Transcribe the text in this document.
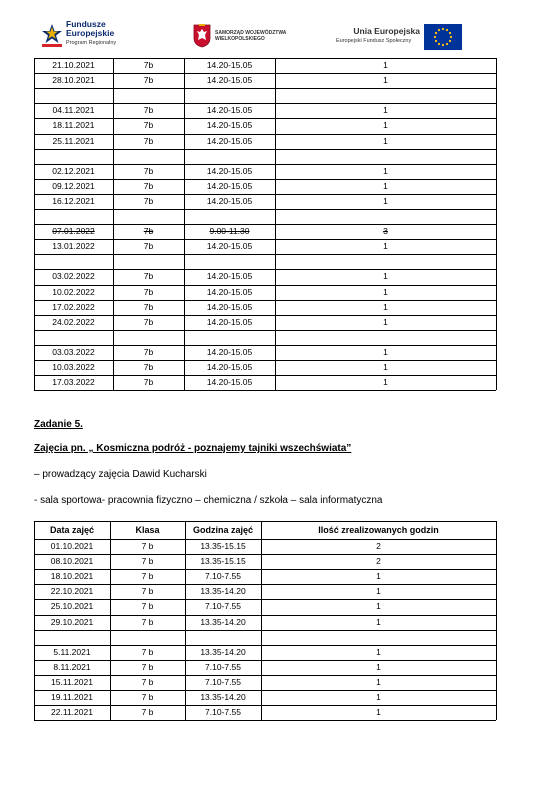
Fundusze
Europejskie
Program Regionalny
SAMORZĄD WOJEWÓDZTWA
WIELKOPOLSKIEGO
Unia Europejska
Europejski Fundusz Społeczny
21.10.2021	7b	14.20-15.05	1
28.10.2021	7b	14.20-15.05	1
04.11.2021	7b	14.20-15.05	1
18.11.2021	7b	14.20-15.05	1
25.11.2021	7b	14.20-15.05	1
02.12.2021	7b	14.20-15.05	1
09.12.2021	7b	14.20-15.05	1
16.12.2021	7b	14.20-15.05	1
07.01.2022	7b	9.00-11.30	3
13.01.2022	7b	14.20-15.05	1
03.02.2022	7b	14.20-15.05	1
10.02.2022	7b	14.20-15.05	1
17.02.2022	7b	14.20-15.05	1
24.02.2022	7b	14.20-15.05	1
03.03.2022	7b	14.20-15.05	1
10.03.2022	7b	14.20-15.05	1
17.03.2022	7b	14.20-15.05	1
Zadanie 5.
Zajęcia pn. „ Kosmiczna podróż - poznajemy tajniki wszechświata”
– prowadzący zajęcia Dawid Kucharski
- sala sportowa- pracownia fizyczno – chemiczna / szkoła – sala informatyczna
Data zajęć	Klasa	Godzina zajęć	Ilość zrealizowanych godzin
01.10.2021	7 b	13.35-15.15	2
08.10.2021	7 b	13.35-15.15	2
18.10.2021	7 b	7.10-7.55	1
22.10.2021	7 b	13.35-14.20	1
25.10.2021	7 b	7.10-7.55	1
29.10.2021	7 b	13.35-14.20	1
5.11.2021	7 b	13.35-14.20	1
8.11.2021	7 b	7.10-7.55	1
15.11.2021	7 b	7.10-7.55	1
19.11.2021	7 b	13.35-14.20	1
22.11.2021	7 b	7.10-7.55	1
